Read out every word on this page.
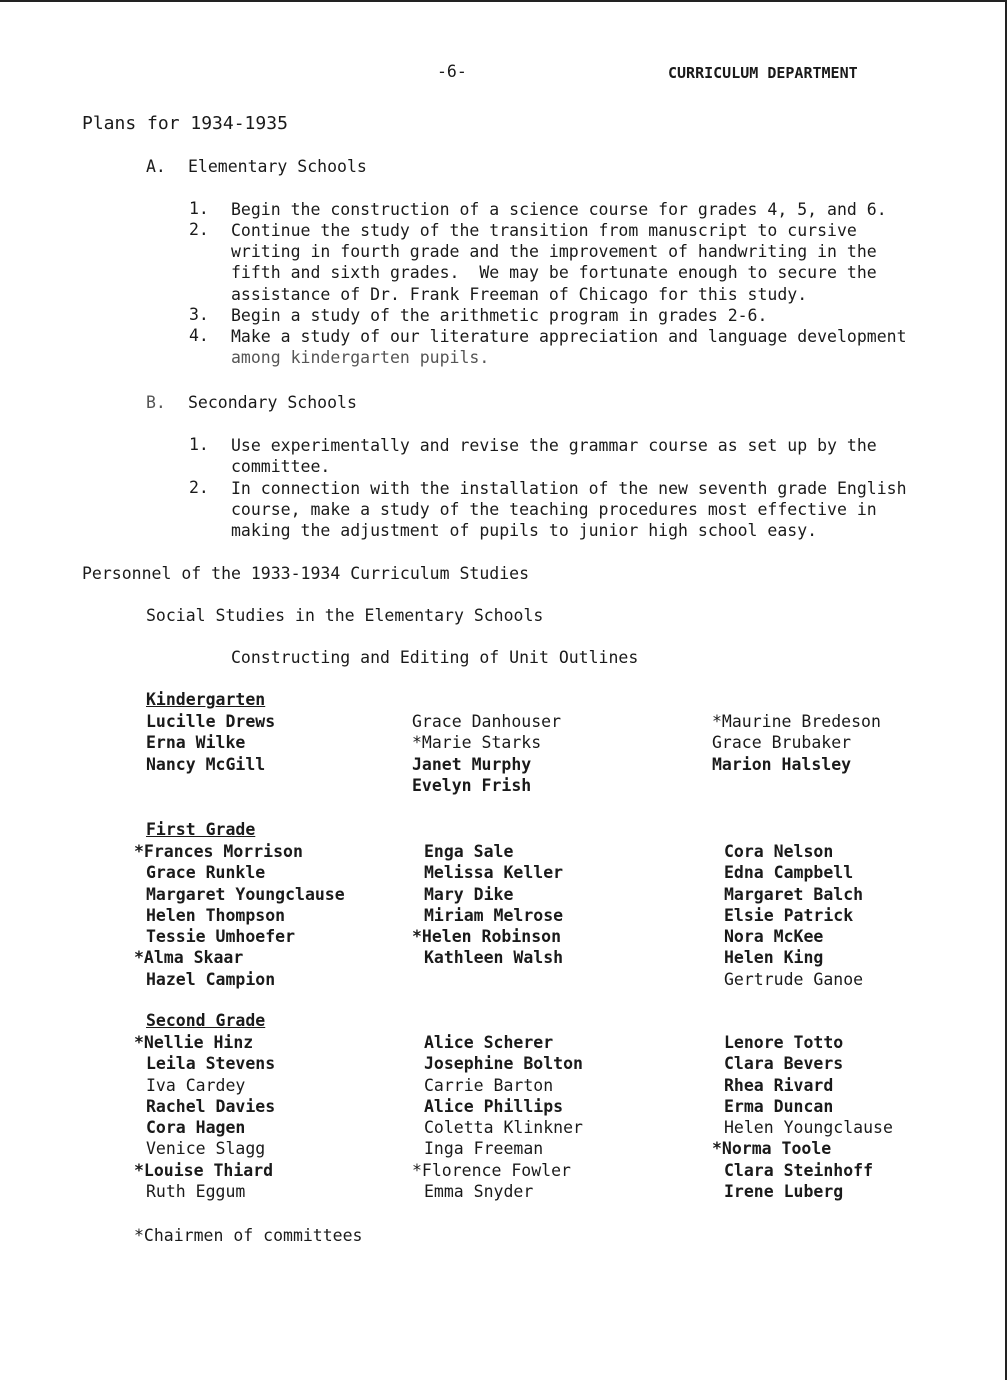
-6-	CURRICULUM DEPARTMENT
Plans for 1934-1935
A. Elementary Schools
1. Begin the construction of a science course for grades 4, 5, and 6.
2. Continue the study of the transition from manuscript to cursive
writing in fourth grade and the improvement of handwriting in the
fifth and sixth grades.  We may be fortunate enough to secure the
assistance of Dr. Frank Freeman of Chicago for this study.
3. Begin a study of the arithmetic program in grades 2-6.
4. Make a study of our literature appreciation and language development
among kindergarten pupils.
B. Secondary Schools
1. Use experimentally and revise the grammar course as set up by the
committee.
2. In connection with the installation of the new seventh grade English
course, make a study of the teaching procedures most effective in
making the adjustment of pupils to junior high school easy.
Personnel of the 1933-1934 Curriculum Studies
Social Studies in the Elementary Schools
Constructing and Editing of Unit Outlines
Kindergarten
Lucille Drews
Erna Wilke
Nancy McGill
Grace Danhouser
*Marie Starks
Janet Murphy
Evelyn Frish
*Maurine Bredeson
Grace Brubaker
Marion Halsley
First Grade
*Frances Morrison
Grace Runkle
Margaret Youngclause
Helen Thompson
Tessie Umhoefer
*Alma Skaar
Hazel Campion
Enga Sale
Melissa Keller
Mary Dike
Miriam Melrose
*Helen Robinson
Kathleen Walsh
Cora Nelson
Edna Campbell
Margaret Balch
Elsie Patrick
Nora McKee
Helen King
Gertrude Ganoe
Second Grade
*Nellie Hinz
Leila Stevens
Iva Cardey
Rachel Davies
Cora Hagen
Venice Slagg
*Louise Thiard
Ruth Eggum
Alice Scherer
Josephine Bolton
Carrie Barton
Alice Phillips
Coletta Klinkner
Inga Freeman
*Florence Fowler
Emma Snyder
Lenore Totto
Clara Bevers
Rhea Rivard
Erma Duncan
Helen Youngclause
*Norma Toole
Clara Steinhoff
Irene Luberg
*Chairmen of committees
